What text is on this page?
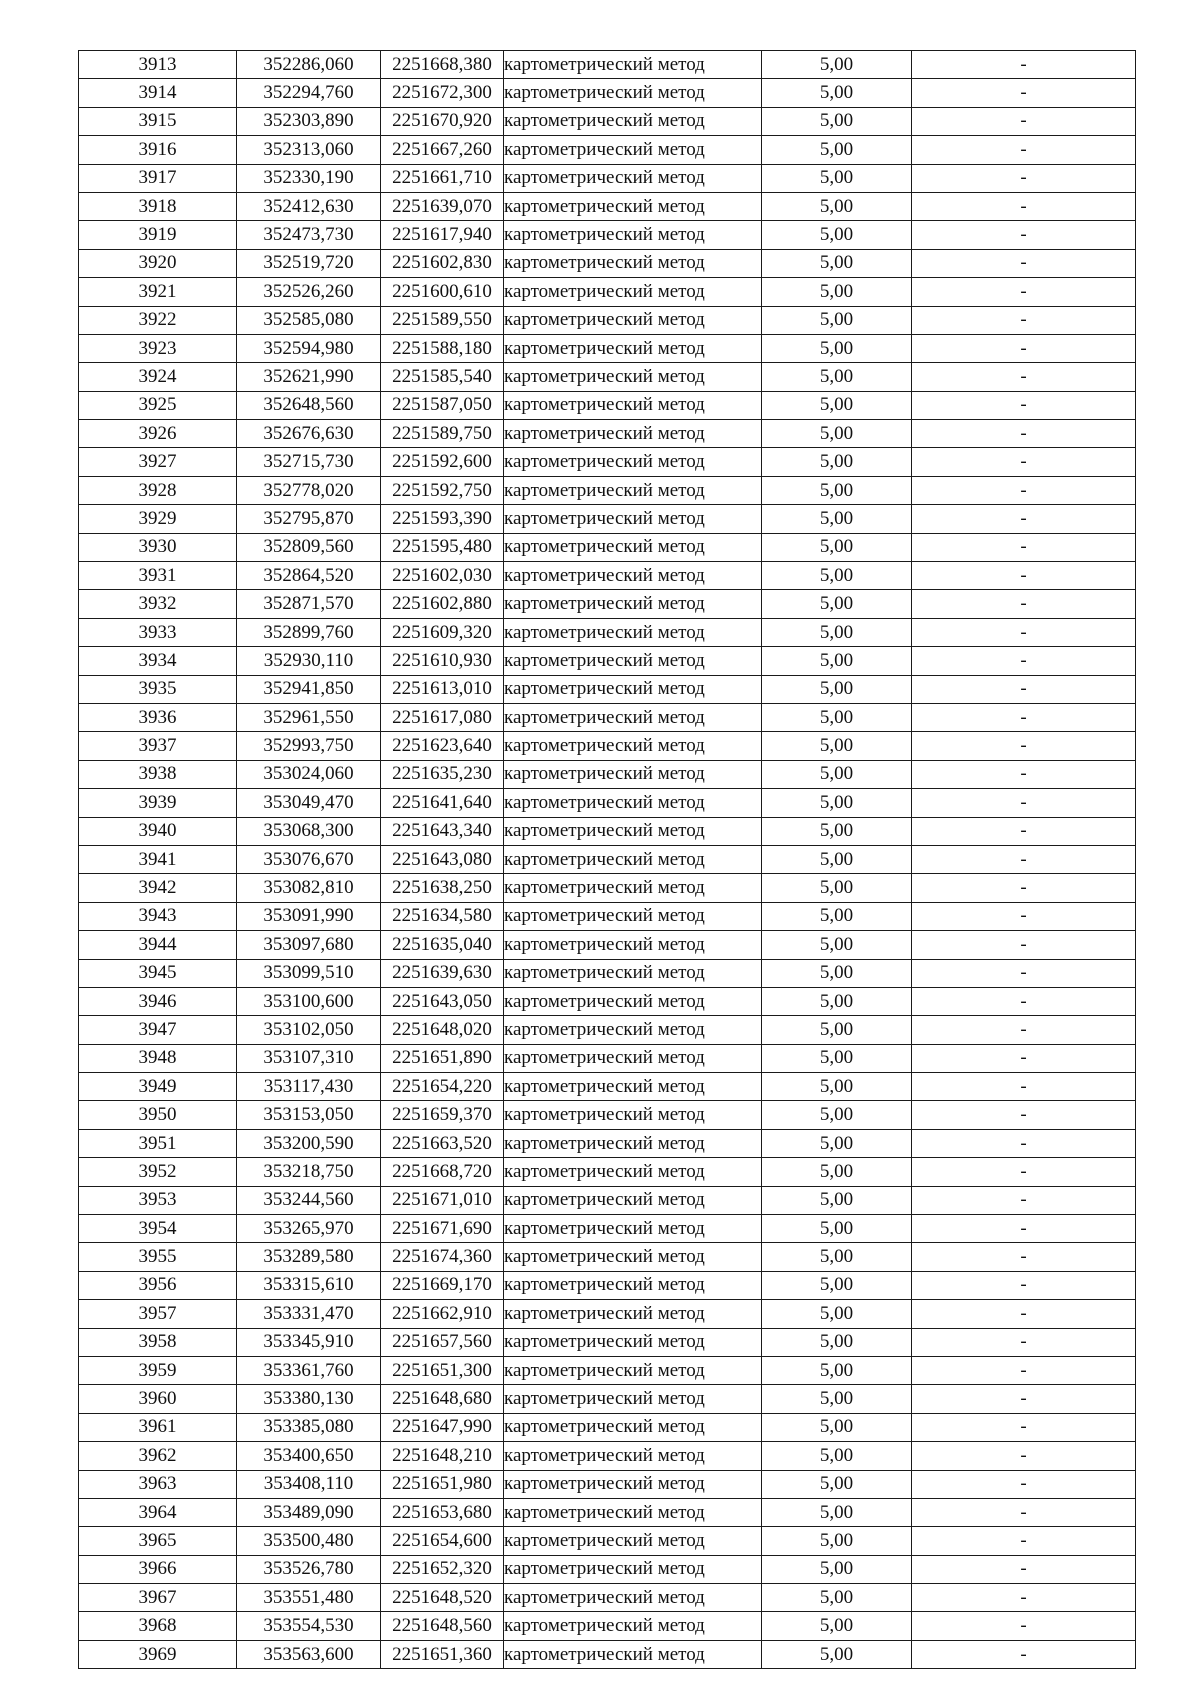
3913	352286,060	2251668,380	картометрический метод	5,00	-
3914	352294,760	2251672,300	картометрический метод	5,00	-
3915	352303,890	2251670,920	картометрический метод	5,00	-
3916	352313,060	2251667,260	картометрический метод	5,00	-
3917	352330,190	2251661,710	картометрический метод	5,00	-
3918	352412,630	2251639,070	картометрический метод	5,00	-
3919	352473,730	2251617,940	картометрический метод	5,00	-
3920	352519,720	2251602,830	картометрический метод	5,00	-
3921	352526,260	2251600,610	картометрический метод	5,00	-
3922	352585,080	2251589,550	картометрический метод	5,00	-
3923	352594,980	2251588,180	картометрический метод	5,00	-
3924	352621,990	2251585,540	картометрический метод	5,00	-
3925	352648,560	2251587,050	картометрический метод	5,00	-
3926	352676,630	2251589,750	картометрический метод	5,00	-
3927	352715,730	2251592,600	картометрический метод	5,00	-
3928	352778,020	2251592,750	картометрический метод	5,00	-
3929	352795,870	2251593,390	картометрический метод	5,00	-
3930	352809,560	2251595,480	картометрический метод	5,00	-
3931	352864,520	2251602,030	картометрический метод	5,00	-
3932	352871,570	2251602,880	картометрический метод	5,00	-
3933	352899,760	2251609,320	картометрический метод	5,00	-
3934	352930,110	2251610,930	картометрический метод	5,00	-
3935	352941,850	2251613,010	картометрический метод	5,00	-
3936	352961,550	2251617,080	картометрический метод	5,00	-
3937	352993,750	2251623,640	картометрический метод	5,00	-
3938	353024,060	2251635,230	картометрический метод	5,00	-
3939	353049,470	2251641,640	картометрический метод	5,00	-
3940	353068,300	2251643,340	картометрический метод	5,00	-
3941	353076,670	2251643,080	картометрический метод	5,00	-
3942	353082,810	2251638,250	картометрический метод	5,00	-
3943	353091,990	2251634,580	картометрический метод	5,00	-
3944	353097,680	2251635,040	картометрический метод	5,00	-
3945	353099,510	2251639,630	картометрический метод	5,00	-
3946	353100,600	2251643,050	картометрический метод	5,00	-
3947	353102,050	2251648,020	картометрический метод	5,00	-
3948	353107,310	2251651,890	картометрический метод	5,00	-
3949	353117,430	2251654,220	картометрический метод	5,00	-
3950	353153,050	2251659,370	картометрический метод	5,00	-
3951	353200,590	2251663,520	картометрический метод	5,00	-
3952	353218,750	2251668,720	картометрический метод	5,00	-
3953	353244,560	2251671,010	картометрический метод	5,00	-
3954	353265,970	2251671,690	картометрический метод	5,00	-
3955	353289,580	2251674,360	картометрический метод	5,00	-
3956	353315,610	2251669,170	картометрический метод	5,00	-
3957	353331,470	2251662,910	картометрический метод	5,00	-
3958	353345,910	2251657,560	картометрический метод	5,00	-
3959	353361,760	2251651,300	картометрический метод	5,00	-
3960	353380,130	2251648,680	картометрический метод	5,00	-
3961	353385,080	2251647,990	картометрический метод	5,00	-
3962	353400,650	2251648,210	картометрический метод	5,00	-
3963	353408,110	2251651,980	картометрический метод	5,00	-
3964	353489,090	2251653,680	картометрический метод	5,00	-
3965	353500,480	2251654,600	картометрический метод	5,00	-
3966	353526,780	2251652,320	картометрический метод	5,00	-
3967	353551,480	2251648,520	картометрический метод	5,00	-
3968	353554,530	2251648,560	картометрический метод	5,00	-
3969	353563,600	2251651,360	картометрический метод	5,00	-
